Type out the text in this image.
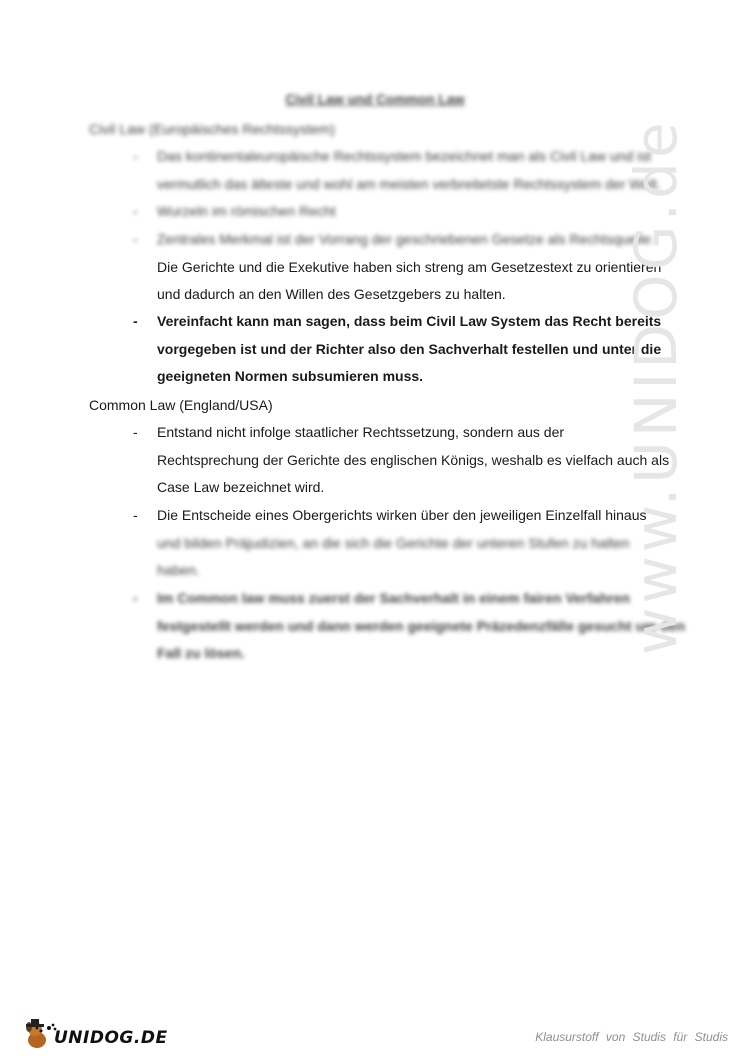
Civil Law und Common Law
Civil Law (Europäisches Rechtssystem)
- Das kontinentaleuropäische Rechtssystem bezeichnet man als Civil Law und ist
vermutlich das älteste und wohl am meisten verbreitetste Rechtssystem der Welt.
- Wurzeln im römischen Recht
- Zentrales Merkmal ist der Vorrang der geschriebenen Gesetze als Rechtsquelle:
Die Gerichte und die Exekutive haben sich streng am Gesetzestext zu orientieren
und dadurch an den Willen des Gesetzgebers zu halten.
- Vereinfacht kann man sagen, dass beim Civil Law System das Recht bereits
vorgegeben ist und der Richter also den Sachverhalt festellen und unter die
geeigneten Normen subsumieren muss.
Common Law (England/USA)
- Entstand nicht infolge staatlicher Rechtssetzung, sondern aus der
Rechtsprechung der Gerichte des englischen Königs, weshalb es vielfach auch als
Case Law bezeichnet wird.
- Die Entscheide eines Obergerichts wirken über den jeweiligen Einzelfall hinaus
und bilden Präjudizien, an die sich die Gerichte der unteren Stufen zu halten
haben.
- Im Common law muss zuerst der Sachverhalt in einem fairen Verfahren
festgestellt werden und dann werden geeignete Präzedenzfälle gesucht um den
Fall zu lösen.	www.UNIDOG.de
UNIDOG.DE	Klausurstoff von Studis für Studis
